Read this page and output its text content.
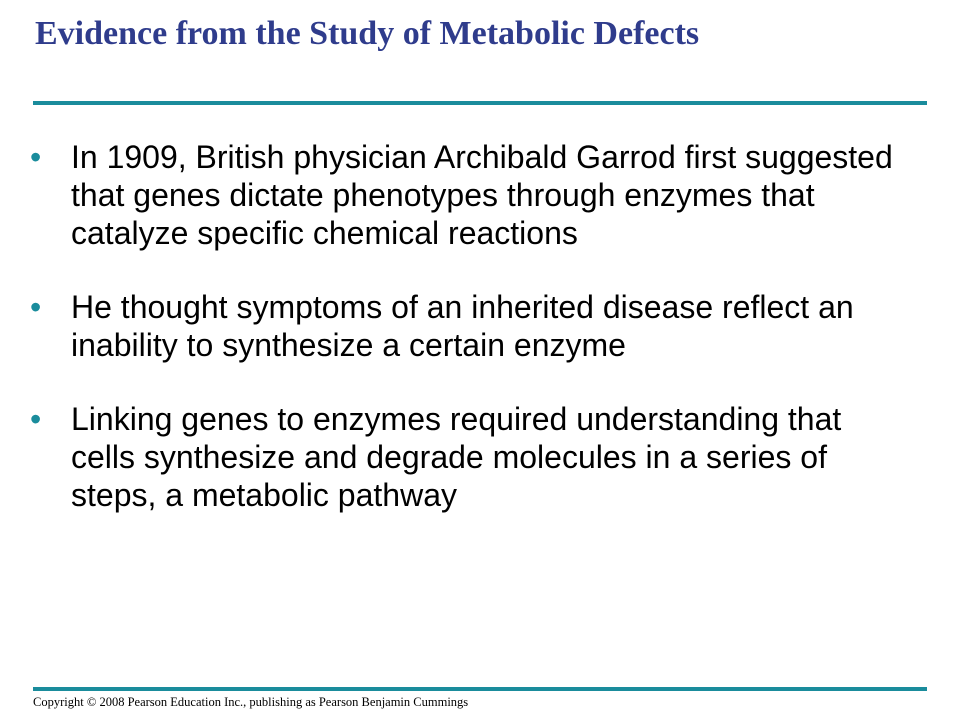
Evidence from the Study of Metabolic Defects
• In 1909, British physician Archibald Garrod first suggested that genes dictate phenotypes through enzymes that catalyze specific chemical reactions
• He thought symptoms of an inherited disease reflect an inability to synthesize a certain enzyme
• Linking genes to enzymes required understanding that cells synthesize and degrade molecules in a series of steps, a metabolic pathway
Copyright © 2008 Pearson Education Inc., publishing as Pearson Benjamin Cummings
